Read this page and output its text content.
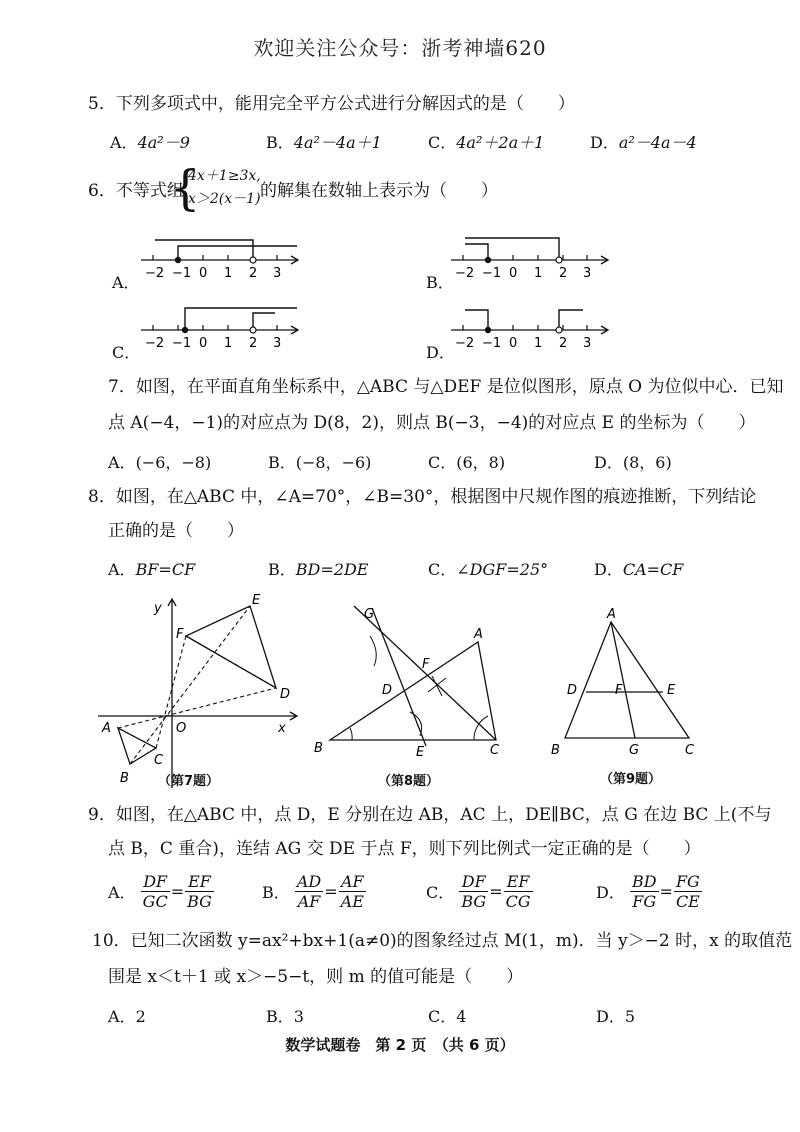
欢迎关注公众号：浙考神墙620
5．下列多项式中，能用完全平方公式进行分解因式的是（　　）
A．4a²－9	B．4a²－4a＋1	C．4a²＋2a＋1	D．a²－4a－4
6．不等式组
{
4x＋1≥3x,
x＞2(x－1) 的解集在数轴上表示为（　　）
A．	B．
C．	D．
−2 −1 0 1 2 3	−2 −1 0 1 2 3
−2 −1 0 1 2 3	−2 −1 0 1 2 3
7．如图，在平面直角坐标系中，△ABC 与△DEF 是位似图形，原点 O 为位似中心．已知
点 A(−4，−1)的对应点为 D(8，2)，则点 B(−3，−4)的对应点 E 的坐标为（　　）
A．(−6，−8)	B．(−8，−6)	C．(6，8)	D．(8，6)
8．如图，在△ABC 中，∠A=70°，∠B=30°，根据图中尺规作图的痕迹推断，下列结论
正确的是（　　）
A．BF=CF	B．BD=2DE	C．∠DGF=25°	D．CA=CF
y
x
O
A
B
C
D
E
F
（第7题）
G
A
F
D
B	E	C
（第8题）
A
D	F	E
B	G	C
（第9题）
9．如图，在△ABC 中，点 D，E 分别在边 AB，AC 上，DE∥BC，点 G 在边 BC 上(不与
点 B，C 重合)，连结 AG 交 DE 于点 F，则下列比例式一定正确的是（　　）
A． $\frac{DF}{GC} = \frac{EF}{BG}$	B． $\frac{AD}{AF} = \frac{AF}{AE}$	C． $\frac{DF}{BG} = \frac{EF}{CG}$	D． $\frac{BD}{FG} = \frac{FG}{CE}$
10．已知二次函数 y=ax²+bx+1(a≠0)的图象经过点 M(1，m)．当 y＞−2 时，x 的取值范
围是 x＜t＋1 或 x＞−5−t，则 m 的值可能是（　　）
A．2	B．3	C．4	D．5
数学试题卷　第 2 页　（共 6 页）
